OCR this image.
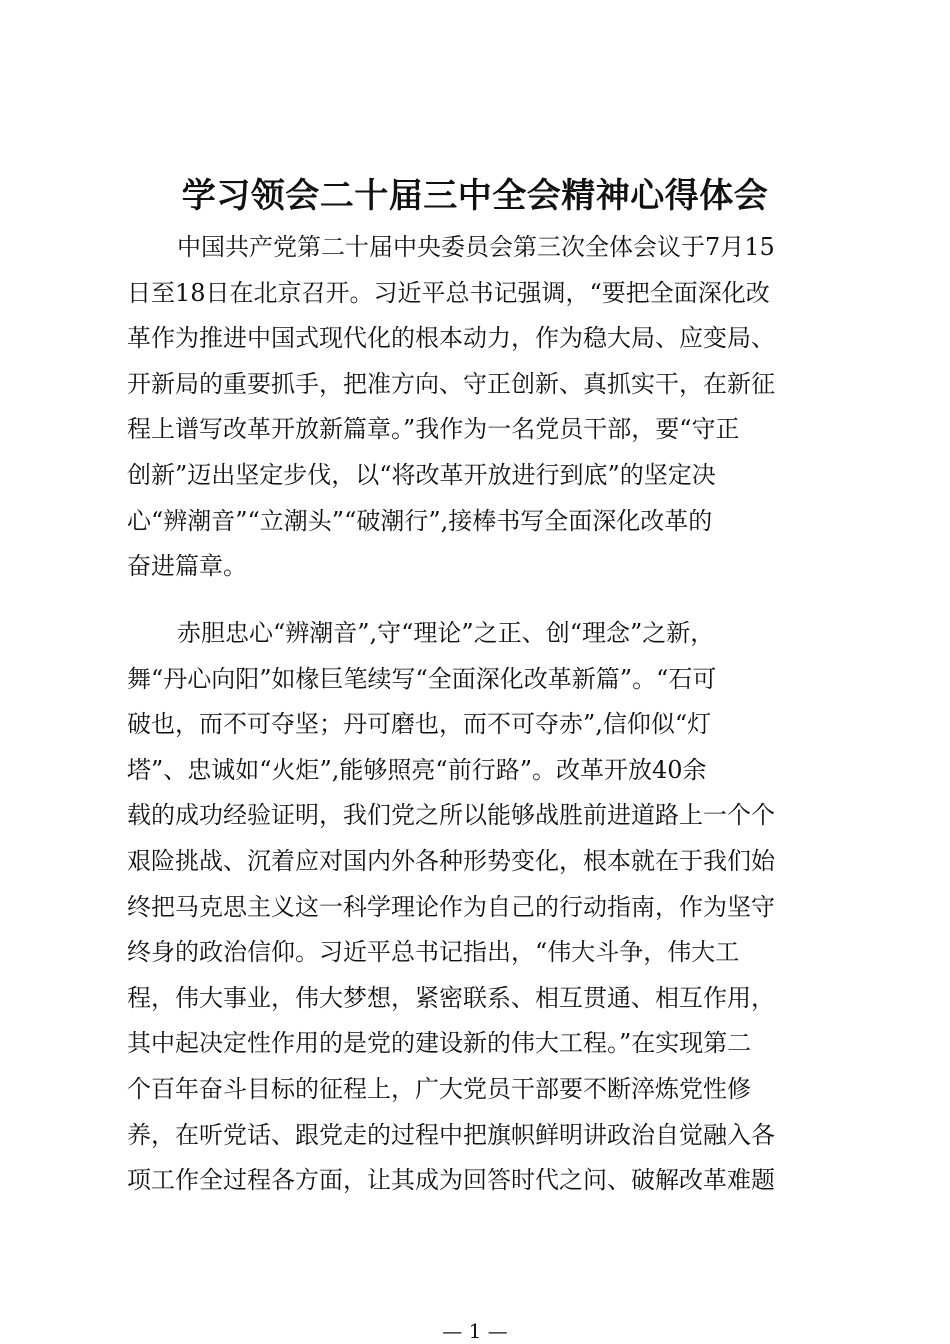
学习领会二十届三中全会精神心得体会
中国共产党第二十届中央委员会第三次全体会议于7月15
日至18日在北京召开。习近平总书记强调，“要把全面深化改
革作为推进中国式现代化的根本动力，作为稳大局、应变局、
开新局的重要抓手，把准方向、守正创新、真抓实干，在新征
程上谱写改革开放新篇章。”我作为一名党员干部，要“守正
创新”迈出坚定步伐，以“将改革开放进行到底”的坚定决
心“辨潮音”“立潮头”“破潮行”,接棒书写全面深化改革的
奋进篇章。
赤胆忠心“辨潮音”,守“理论”之正、创“理念”之新，
舞“丹心向阳”如椽巨笔续写“全面深化改革新篇”。“石可
破也，而不可夺坚；丹可磨也，而不可夺赤”,信仰似“灯
塔”、忠诚如“火炬”,能够照亮“前行路”。改革开放40余
载的成功经验证明，我们党之所以能够战胜前进道路上一个个
艰险挑战、沉着应对国内外各种形势变化，根本就在于我们始
终把马克思主义这一科学理论作为自己的行动指南，作为坚守
终身的政治信仰。习近平总书记指出，“伟大斗争，伟大工
程，伟大事业，伟大梦想，紧密联系、相互贯通、相互作用，
其中起决定性作用的是党的建设新的伟大工程。”在实现第二
个百年奋斗目标的征程上，广大党员干部要不断淬炼党性修
养，在听党话、跟党走的过程中把旗帜鲜明讲政治自觉融入各
项工作全过程各方面，让其成为回答时代之问、破解改革难题
— 1 —
